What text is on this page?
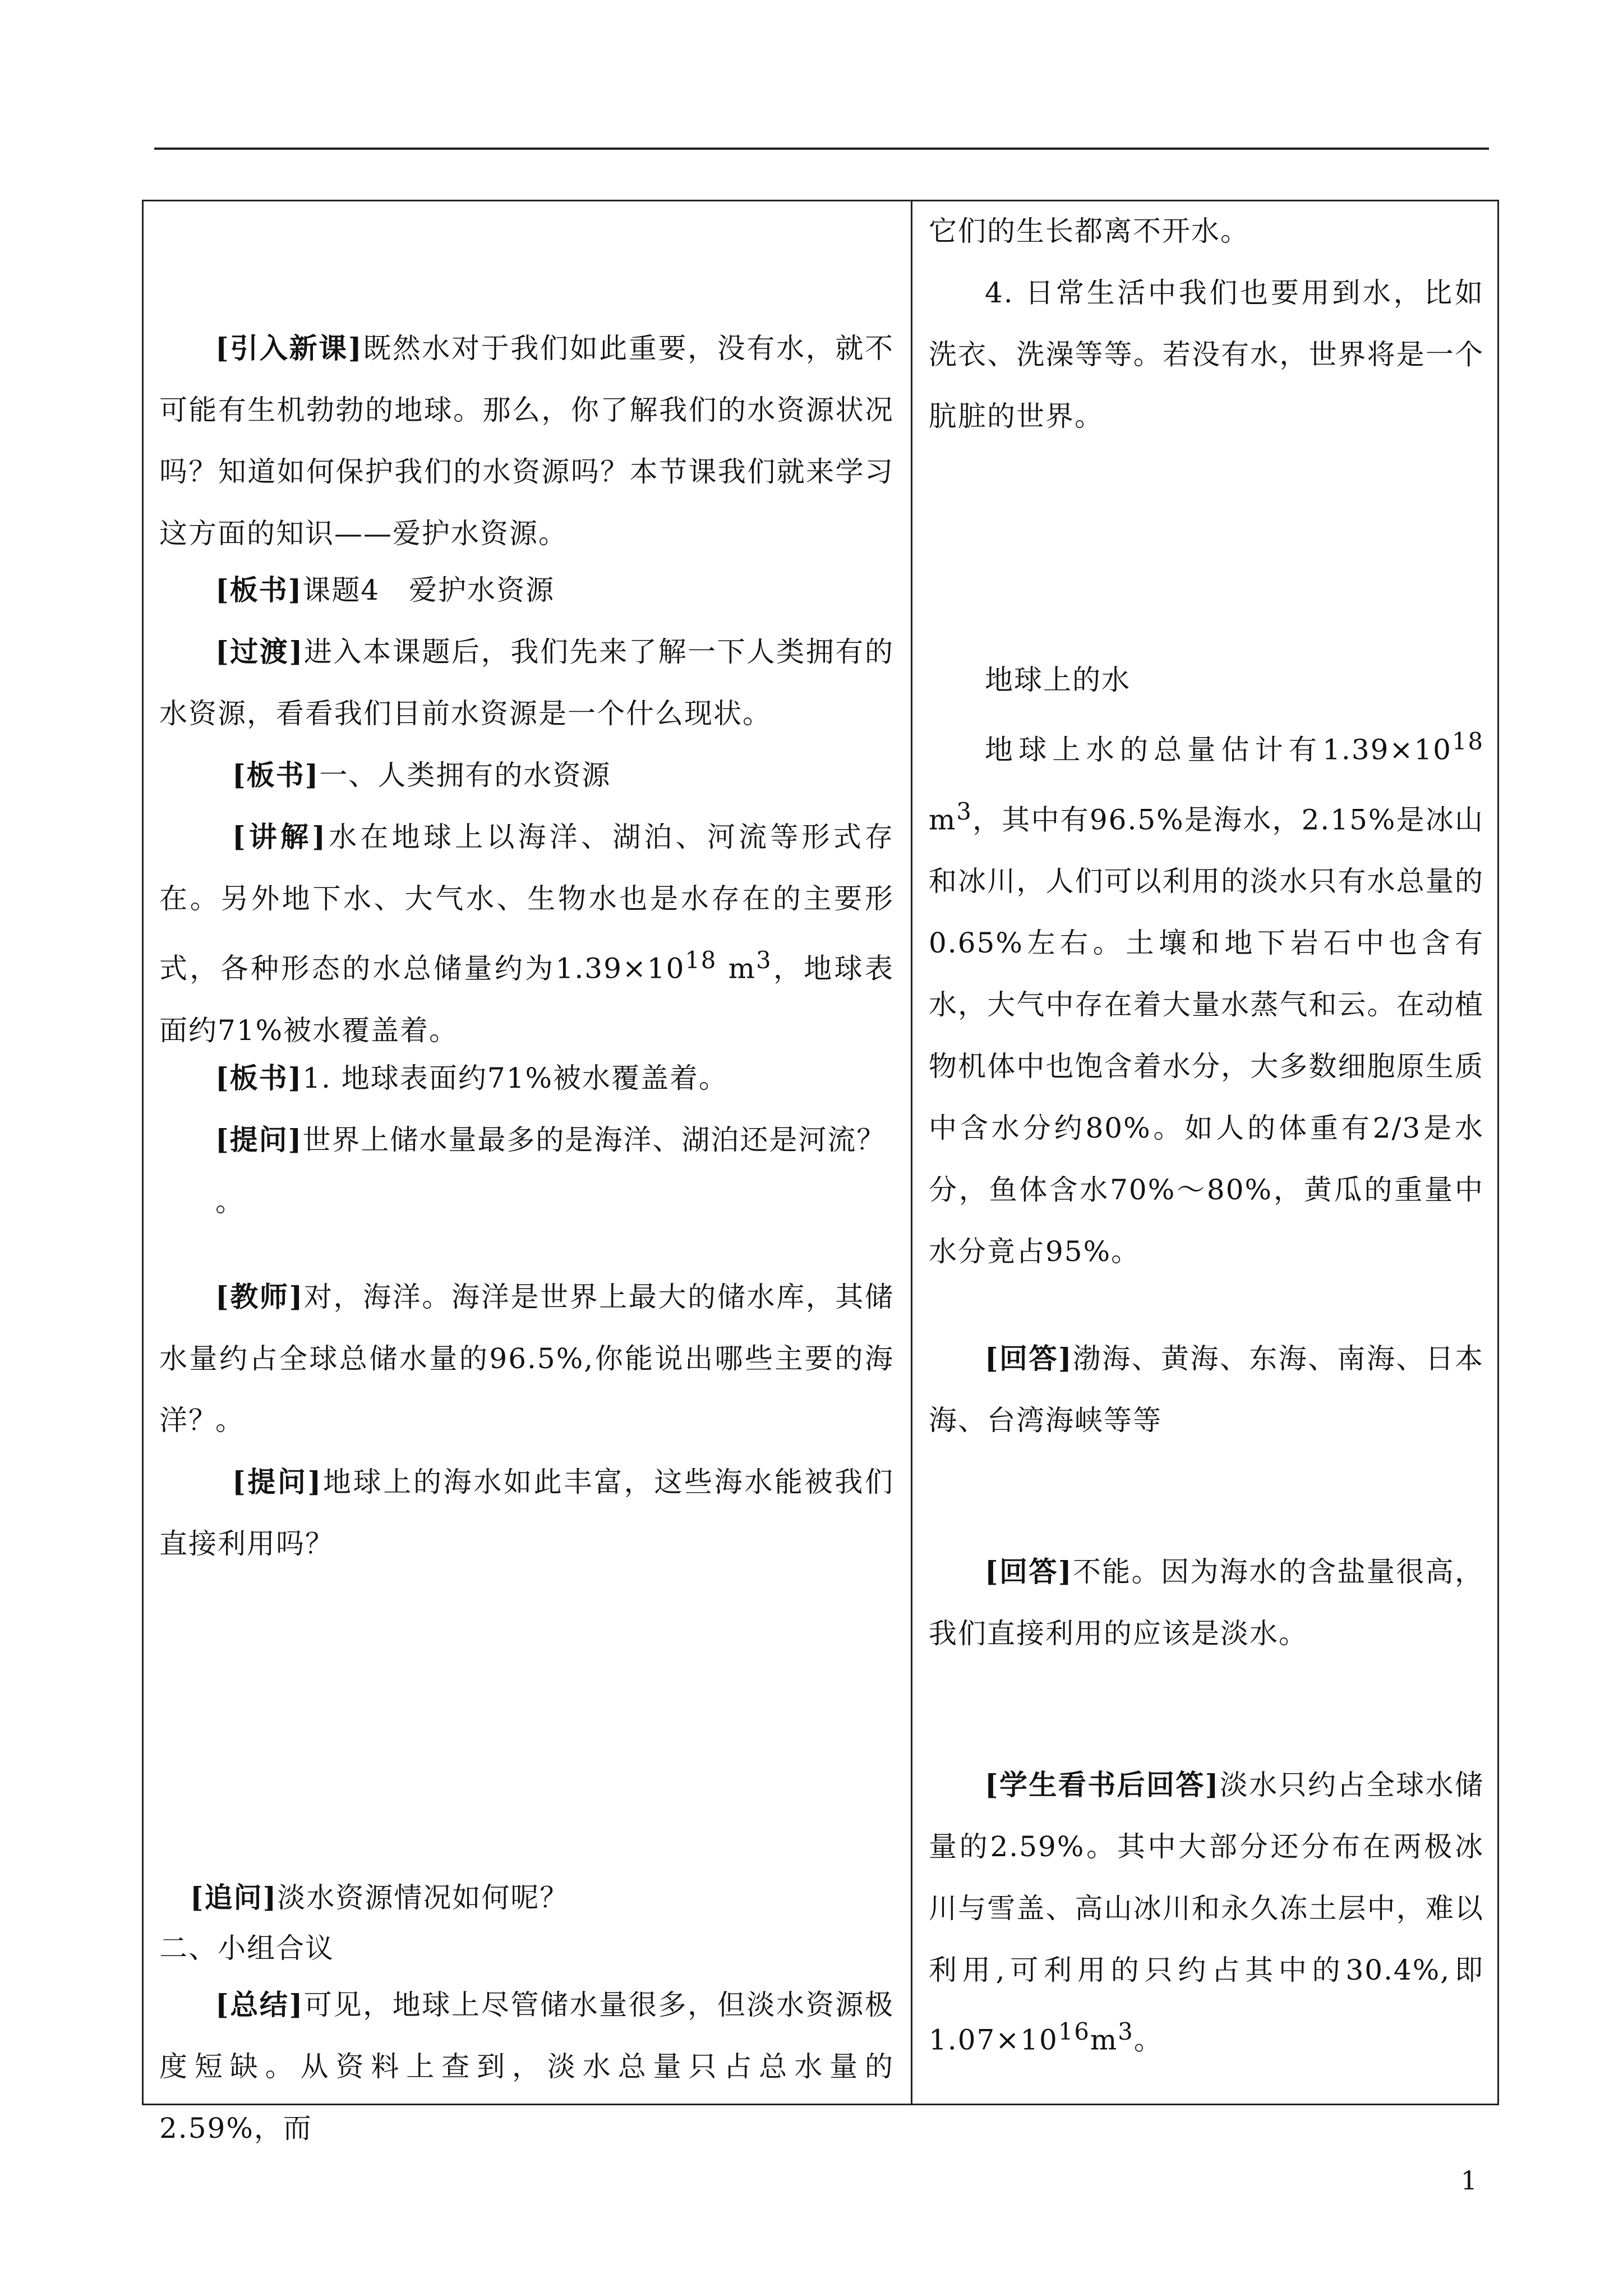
[引入新课]既然水对于我们如此重要，没有水，就不可能有生机勃勃的地球。那么，你了解我们的水资源状况吗？知道如何保护我们的水资源吗？本节课我们就来学习这方面的知识——爱护水资源。

[板书]课题4　爱护水资源

[过渡]进入本课题后，我们先来了解一下人类拥有的水资源，看看我们目前水资源是一个什么现状。

[板书]一、人类拥有的水资源

[讲解]水在地球上以海洋、湖泊、河流等形式存在。另外地下水、大气水、生物水也是水存在的主要形式，各种形态的水总储量约为$1.39\times 10^{18}$ $m^3$，地球表面约71%被水覆盖着。

[板书]1. 地球表面约71%被水覆盖着。

[提问]世界上储水量最多的是海洋、湖泊还是河流？

。

[教师]对，海洋。海洋是世界上最大的储水库，其储水量约占全球总储水量的96.5%,你能说出哪些主要的海洋？

。

[提问]地球上的海水如此丰富，这些海水能被我们直接利用吗？

[追问]淡水资源情况如何呢？

二、小组合议

[总结]可见，地球上尽管储水量很多，但淡水资源极度短缺。从资料上查到，淡水总量只占总水量的2.59%，而

它们的生长都离不开水。

4. 日常生活中我们也要用到水，比如洗衣、洗澡等等。若没有水，世界将是一个肮脏的世界。

地球上的水

地球上水的总量估计有$1.39\times 10^{18}$ $m^3$，其中有96.5%是海水，2.15%是冰山和冰川，人们可以利用的淡水只有水总量的0.65%左右。土壤和地下岩石中也含有水，大气中存在着大量水蒸气和云。在动植物机体中也饱含着水分，大多数细胞原生质中含水分约80%。如人的体重有2/3是水分，鱼体含水70%～80%，黄瓜的重量中水分竟占95%。

[回答]渤海、黄海、东海、南海、日本海、台湾海峡等等

[回答]不能。因为海水的含盐量很高，我们直接利用的应该是淡水。

[学生看书后回答]淡水只约占全球水储量的2.59%。其中大部分还分布在两极冰川与雪盖、高山冰川和永久冻土层中，难以利用,可利用的只约占其中的30.4%,即$1.07\times 10^{16}m^3$。

1
